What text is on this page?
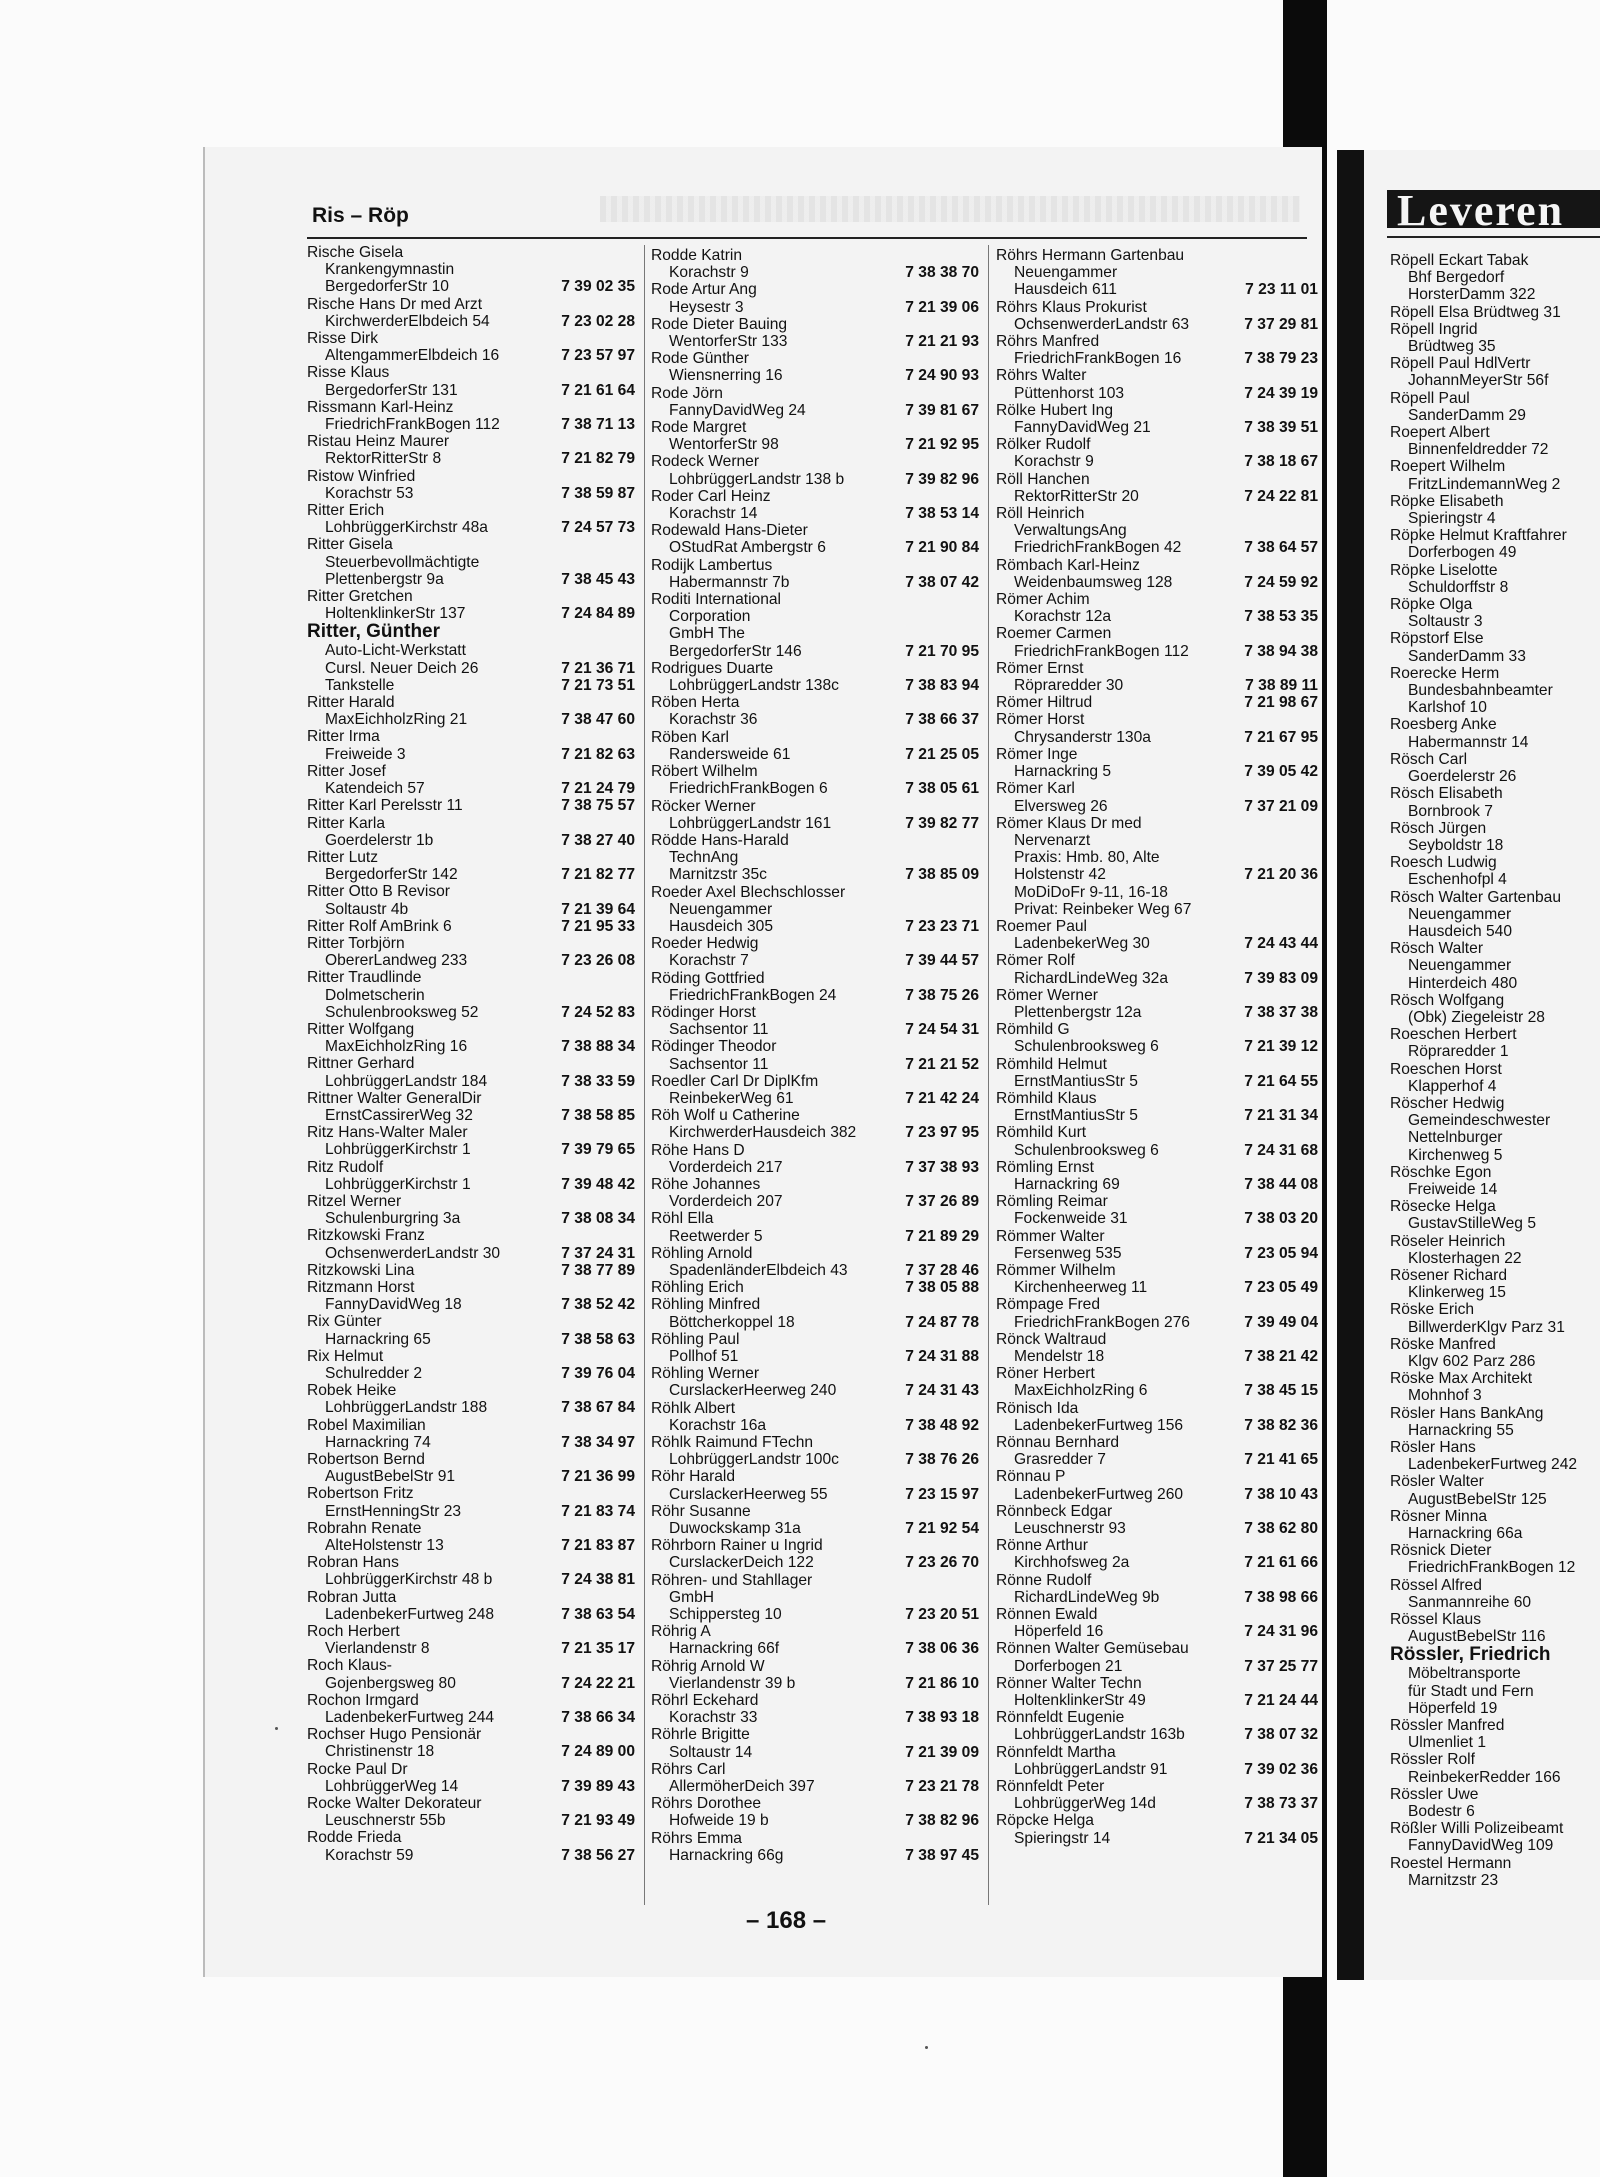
Ris – Röp	Leveren
Rische Gisela
Krankengymnastin
BergedorferStr 10	7 39 02 35
Rische Hans Dr med Arzt
KirchwerderElbdeich 54	7 23 02 28
Risse Dirk
AltengammerElbdeich 16	7 23 57 97
Risse Klaus
BergedorferStr 131	7 21 61 64
Rissmann Karl-Heinz
FriedrichFrankBogen 112	7 38 71 13
Ristau Heinz Maurer
RektorRitterStr 8	7 21 82 79
Ristow Winfried
Korachstr 53	7 38 59 87
Ritter Erich
LohbrüggerKirchstr 48a	7 24 57 73
Ritter Gisela
Steuerbevollmächtigte
Plettenbergstr 9a	7 38 45 43
Ritter Gretchen
HoltenklinkerStr 137	7 24 84 89
Ritter, Günther
Auto-Licht-Werkstatt
Cursl. Neuer Deich 26	7 21 36 71
Tankstelle	7 21 73 51
Ritter Harald
MaxEichholzRing 21	7 38 47 60
Ritter Irma
Freiweide 3	7 21 82 63
Ritter Josef
Katendeich 57	7 21 24 79
Ritter Karl Perelsstr 11	7 38 75 57
Ritter Karla
Goerdelerstr 1b	7 38 27 40
Ritter Lutz
BergedorferStr 142	7 21 82 77
Ritter Otto B Revisor
Soltaustr 4b	7 21 39 64
Ritter Rolf AmBrink 6	7 21 95 33
Ritter Torbjörn
ObererLandweg 233	7 23 26 08
Ritter Traudlinde
Dolmetscherin
Schulenbrooksweg 52	7 24 52 83
Ritter Wolfgang
MaxEichholzRing 16	7 38 88 34
Rittner Gerhard
LohbrüggerLandstr 184	7 38 33 59
Rittner Walter GeneralDir
ErnstCassirerWeg 32	7 38 58 85
Ritz Hans-Walter Maler
LohbrüggerKirchstr 1	7 39 79 65
Ritz Rudolf
LohbrüggerKirchstr 1	7 39 48 42
Ritzel Werner
Schulenburgring 3a	7 38 08 34
Ritzkowski Franz
OchsenwerderLandstr 30	7 37 24 31
Ritzkowski Lina	7 38 77 89
Ritzmann Horst
FannyDavidWeg 18	7 38 52 42
Rix Günter
Harnackring 65	7 38 58 63
Rix Helmut
Schulredder 2	7 39 76 04
Robek Heike
LohbrüggerLandstr 188	7 38 67 84
Robel Maximilian
Harnackring 74	7 38 34 97
Robertson Bernd
AugustBebelStr 91	7 21 36 99
Robertson Fritz
ErnstHenningStr 23	7 21 83 74
Robrahn Renate
AlteHolstenstr 13	7 21 83 87
Robran Hans
LohbrüggerKirchstr 48 b	7 24 38 81
Robran Jutta
LadenbekerFurtweg 248	7 38 63 54
Roch Herbert
Vierlandenstr 8	7 21 35 17
Roch Klaus-
Gojenbergsweg 80	7 24 22 21
Rochon Irmgard
LadenbekerFurtweg 244	7 38 66 34
Rochser Hugo Pensionär
Christinenstr 18	7 24 89 00
Rocke Paul Dr
LohbrüggerWeg 14	7 39 89 43
Rocke Walter Dekorateur
Leuschnerstr 55b	7 21 93 49
Rodde Frieda
Korachstr 59	7 38 56 27
Rodde Katrin
Korachstr 9	7 38 38 70
Rode Artur Ang
Heysestr 3	7 21 39 06
Rode Dieter Bauing
WentorferStr 133	7 21 21 93
Rode Günther
Wiensnerring 16	7 24 90 93
Rode Jörn
FannyDavidWeg 24	7 39 81 67
Rode Margret
WentorferStr 98	7 21 92 95
Rodeck Werner
LohbrüggerLandstr 138 b	7 39 82 96
Roder Carl Heinz
Korachstr 14	7 38 53 14
Rodewald Hans-Dieter
OStudRat Ambergstr 6	7 21 90 84
Rodijk Lambertus
Habermannstr 7b	7 38 07 42
Roditi International
Corporation
GmbH The
BergedorferStr 146	7 21 70 95
Rodrigues Duarte
LohbrüggerLandstr 138c	7 38 83 94
Röben Herta
Korachstr 36	7 38 66 37
Röben Karl
Randersweide 61	7 21 25 05
Röbert Wilhelm
FriedrichFrankBogen 6	7 38 05 61
Röcker Werner
LohbrüggerLandstr 161	7 39 82 77
Rödde Hans-Harald
TechnAng
Marnitzstr 35c	7 38 85 09
Roeder Axel Blechschlosser
Neuengammer
Hausdeich 305	7 23 23 71
Roeder Hedwig
Korachstr 7	7 39 44 57
Röding Gottfried
FriedrichFrankBogen 24	7 38 75 26
Rödinger Horst
Sachsentor 11	7 24 54 31
Rödinger Theodor
Sachsentor 11	7 21 21 52
Roedler Carl Dr DiplKfm
ReinbekerWeg 61	7 21 42 24
Röh Wolf u Catherine
KirchwerderHausdeich 382	7 23 97 95
Röhe Hans D
Vorderdeich 217	7 37 38 93
Röhe Johannes
Vorderdeich 207	7 37 26 89
Röhl Ella
Reetwerder 5	7 21 89 29
Röhling Arnold
SpadenländerElbdeich 43	7 37 28 46
Röhling Erich	7 38 05 88
Röhling Minfred
Böttcherkoppel 18	7 24 87 78
Röhling Paul
Pollhof 51	7 24 31 88
Röhling Werner
CurslackerHeerweg 240	7 24 31 43
Röhlk Albert
Korachstr 16a	7 38 48 92
Röhlk Raimund FTechn
LohbrüggerLandstr 100c	7 38 76 26
Röhr Harald
CurslackerHeerweg 55	7 23 15 97
Röhr Susanne
Duwockskamp 31a	7 21 92 54
Röhrborn Rainer u Ingrid
CurslackerDeich 122	7 23 26 70
Röhren- und Stahllager
GmbH
Schippersteg 10	7 23 20 51
Röhrig A
Harnackring 66f	7 38 06 36
Röhrig Arnold W
Vierlandenstr 39 b	7 21 86 10
Röhrl Eckehard
Korachstr 33	7 38 93 18
Röhrle Brigitte
Soltaustr 14	7 21 39 09
Röhrs Carl
AllermöherDeich 397	7 23 21 78
Röhrs Dorothee
Hofweide 19 b	7 38 82 96
Röhrs Emma
Harnackring 66g	7 38 97 45
Röhrs Hermann Gartenbau
Neuengammer
Hausdeich 611	7 23 11 01
Röhrs Klaus Prokurist
OchsenwerderLandstr 63	7 37 29 81
Röhrs Manfred
FriedrichFrankBogen 16	7 38 79 23
Röhrs Walter
Püttenhorst 103	7 24 39 19
Rölke Hubert Ing
FannyDavidWeg 21	7 38 39 51
Rölker Rudolf
Korachstr 9	7 38 18 67
Röll Hanchen
RektorRitterStr 20	7 24 22 81
Röll Heinrich
VerwaltungsAng
FriedrichFrankBogen 42	7 38 64 57
Römbach Karl-Heinz
Weidenbaumsweg 128	7 24 59 92
Römer Achim
Korachstr 12a	7 38 53 35
Roemer Carmen
FriedrichFrankBogen 112	7 38 94 38
Römer Ernst
Röpraredder 30	7 38 89 11
Römer Hiltrud	7 21 98 67
Römer Horst
Chrysanderstr 130a	7 21 67 95
Römer Inge
Harnackring 5	7 39 05 42
Römer Karl
Elversweg 26	7 37 21 09
Römer Klaus Dr med
Nervenarzt
Praxis: Hmb. 80, Alte
Holstenstr 42	7 21 20 36
MoDiDoFr 9-11, 16-18
Privat: Reinbeker Weg 67
Roemer Paul
LadenbekerWeg 30	7 24 43 44
Römer Rolf
RichardLindeWeg 32a	7 39 83 09
Römer Werner
Plettenbergstr 12a	7 38 37 38
Römhild G
Schulenbrooksweg 6	7 21 39 12
Römhild Helmut
ErnstMantiusStr 5	7 21 64 55
Römhild Klaus
ErnstMantiusStr 5	7 21 31 34
Römhild Kurt
Schulenbrooksweg 6	7 24 31 68
Römling Ernst
Harnackring 69	7 38 44 08
Römling Reimar
Fockenweide 31	7 38 03 20
Römmer Walter
Fersenweg 535	7 23 05 94
Römmer Wilhelm
Kirchenheerweg 11	7 23 05 49
Römpage Fred
FriedrichFrankBogen 276	7 39 49 04
Rönck Waltraud
Mendelstr 18	7 38 21 42
Röner Herbert
MaxEichholzRing 6	7 38 45 15
Rönisch Ida
LadenbekerFurtweg 156	7 38 82 36
Rönnau Bernhard
Grasredder 7	7 21 41 65
Rönnau P
LadenbekerFurtweg 260	7 38 10 43
Rönnbeck Edgar
Leuschnerstr 93	7 38 62 80
Rönne Arthur
Kirchhofsweg 2a	7 21 61 66
Rönne Rudolf
RichardLindeWeg 9b	7 38 98 66
Rönnen Ewald
Höperfeld 16	7 24 31 96
Rönnen Walter Gemüsebau
Dorferbogen 21	7 37 25 77
Rönner Walter Techn
HoltenklinkerStr 49	7 21 24 44
Rönnfeldt Eugenie
LohbrüggerLandstr 163b	7 38 07 32
Rönnfeldt Martha
LohbrüggerLandstr 91	7 39 02 36
Rönnfeldt Peter
LohbrüggerWeg 14d	7 38 73 37
Röpcke Helga
Spieringstr 14	7 21 34 05
Röpell Eckart Tabak
Bhf Bergedorf
HorsterDamm 322
Röpell Elsa Brüdtweg 31
Röpell Ingrid
Brüdtweg 35
Röpell Paul HdlVertr
JohannMeyerStr 56f
Röpell Paul
SanderDamm 29
Roepert Albert
Binnenfeldredder 72
Roepert Wilhelm
FritzLindemannWeg 2
Röpke Elisabeth
Spieringstr 4
Röpke Helmut Kraftfahrer
Dorferbogen 49
Röpke Liselotte
Schuldorffstr 8
Röpke Olga
Soltaustr 3
Röpstorf Else
SanderDamm 33
Roerecke Herm
Bundesbahnbeamter
Karlshof 10
Roesberg Anke
Habermannstr 14
Rösch Carl
Goerdelerstr 26
Rösch Elisabeth
Bornbrook 7
Rösch Jürgen
Seyboldstr 18
Roesch Ludwig
Eschenhofpl 4
Rösch Walter Gartenbau
Neuengammer
Hausdeich 540
Rösch Walter
Neuengammer
Hinterdeich 480
Rösch Wolfgang
(Obk) Ziegeleistr 28
Roeschen Herbert
Röpraredder 1
Roeschen Horst
Klapperhof 4
Röscher Hedwig
Gemeindeschwester
Nettelnburger
Kirchenweg 5
Röschke Egon
Freiweide 14
Rösecke Helga
GustavStilleWeg 5
Röseler Heinrich
Klosterhagen 22
Rösener Richard
Klinkerweg 15
Röske Erich
BillwerderKlgv Parz 31
Röske Manfred
Klgv 602 Parz 286
Röske Max Architekt
Mohnhof 3
Rösler Hans BankAng
Harnackring 55
Rösler Hans
LadenbekerFurtweg 242
Rösler Walter
AugustBebelStr 125
Rösner Minna
Harnackring 66a
Rösnick Dieter
FriedrichFrankBogen 12
Rössel Alfred
Sanmannreihe 60
Rössel Klaus
AugustBebelStr 116
Rössler, Friedrich
Möbeltransporte
für Stadt und Fern
Höperfeld 19
Rössler Manfred
Ulmenliet 1
Rössler Rolf
ReinbekerRedder 166
Rössler Uwe
Bodestr 6
Rößler Willi Polizeibeamt
FannyDavidWeg 109
Roestel Hermann
Marnitzstr 23
– 168 –
